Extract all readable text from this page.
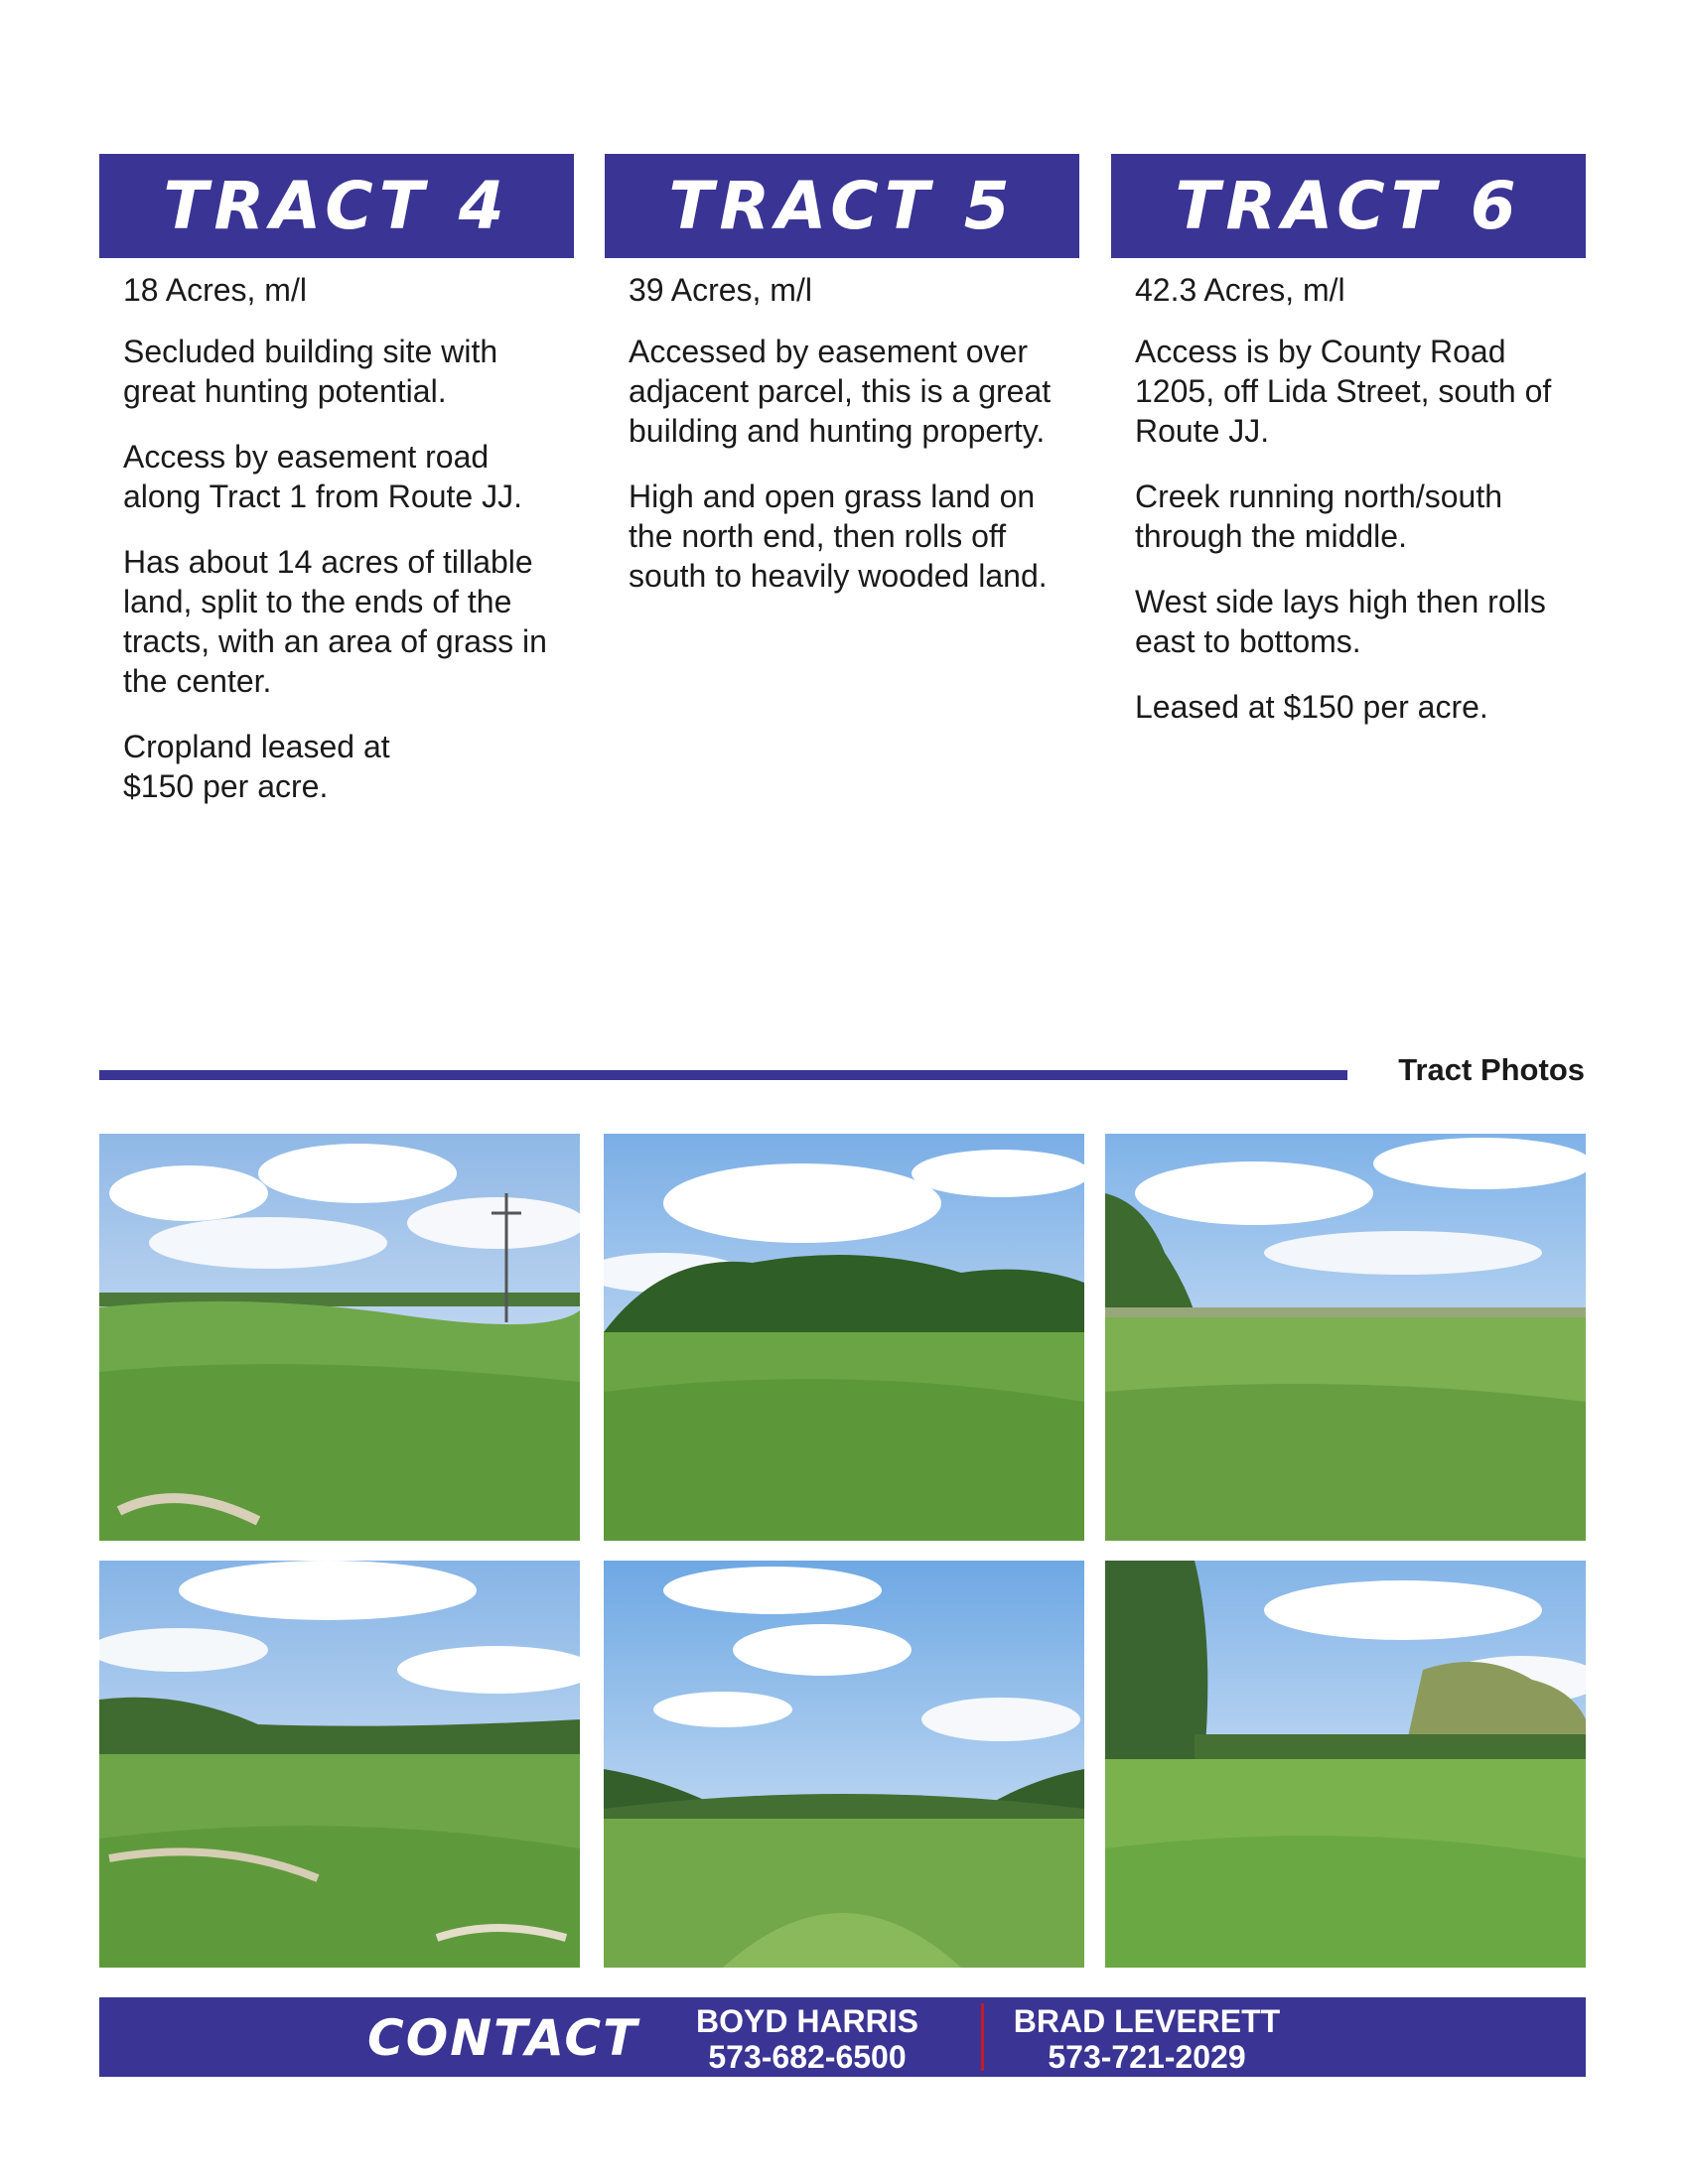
TRACT 4

18 Acres, m/l

Secluded building site with great hunting potential.

Access by easement road along Tract 1 from Route JJ.

Has about 14 acres of tillable land, split to the ends of the tracts, with an area of grass in the center.

Cropland leased at $150 per acre.

TRACT 5

39 Acres, m/l

Accessed by easement over adjacent parcel, this is a great building and hunting property.

High and open grass land on the north end, then rolls off south to heavily wooded land.

TRACT 6

42.3 Acres, m/l

Access is by County Road 1205, off Lida Street, south of Route JJ.

Creek running north/south through the middle.

West side lays high then rolls east to bottoms.

Leased at $150 per acre.

Tract Photos
CONTACT BOYD HARRIS
573-682-6500
BRAD LEVERETT
573-721-2029
